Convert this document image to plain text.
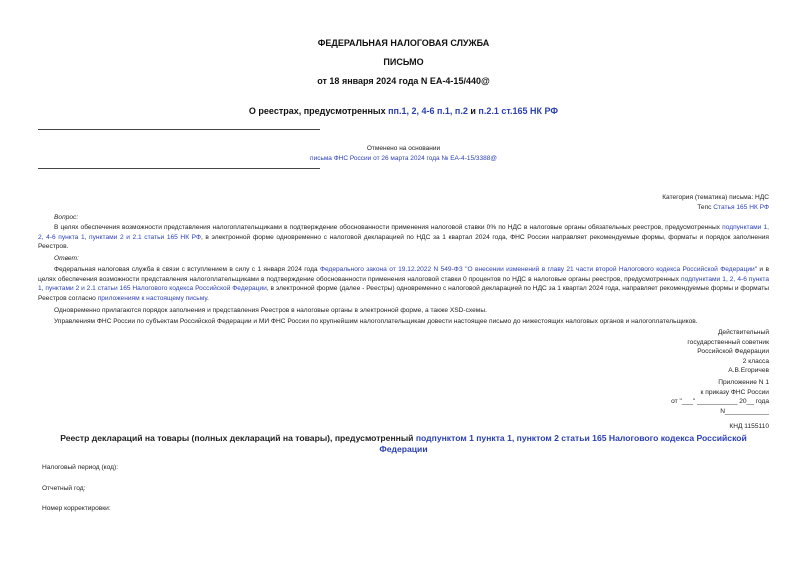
ФЕДЕРАЛЬНАЯ НАЛОГОВАЯ СЛУЖБА
ПИСЬМО
от 18 января 2024 года N ЕА-4-15/440@
О реестрах, предусмотренных пп.1, 2, 4-6 п.1, п.2 и п.2.1 ст.165 НК РФ
Отменено на основании
письма ФНС России от 26 марта 2024 года № ЕА-4-15/3388@
Категория (тематика) письма: НДС
Тепс Статья 165 НК РФ
Вопрос:
В целях обеспечения возможности представления налогоплательщиками в подтверждение обоснованности применения налоговой ставки 0% по НДС в налоговые органы обязательных реестров, предусмотренных подпунктами 1, 2, 4-6 пункта 1, пунктами 2 и 2.1 статьи 165 НК РФ, в электронной форме одновременно с налоговой декларацией по НДС за 1 квартал 2024 года, ФНС России направляет рекомендуемые формы, форматы и порядок заполнения Реестров.
Ответ:
Федеральная налоговая служба в связи с вступлением в силу с 1 января 2024 года Федерального закона от 19.12.2022 N 549-ФЗ "О внесении изменений в главу 21 части второй Налогового кодекса Российской Федерации" и в целях обеспечения возможности представления налогоплательщиками в подтверждение обоснованности применения налоговой ставки 0 процентов по НДС в налоговые органы реестров, предусмотренных подпунктами 1, 2, 4-6 пункта 1, пунктами 2 и 2.1 статьи 165 Налогового кодекса Российской Федерации, в электронной форме (далее - Реестры) одновременно с налоговой декларацией по НДС за 1 квартал 2024 года, направляет рекомендуемые формы и форматы Реестров согласно приложениям к настоящему письму.
Одновременно прилагаются порядок заполнения и представления Реестров в налоговые органы в электронной форме, а также XSD-схемы.
Управлениям ФНС России по субъектам Российской Федерации и МИ ФНС России по крупнейшим налогоплательщикам довести настоящее письмо до нижестоящих налоговых органов и налогоплательщиков.
Действительный
государственный советник
Российской Федерации
2 класса
А.В.Егоричев
Приложение N 1
к приказу ФНС России
от "___" ___________ 20__ года
N____________
КНД 1155110
Реестр деклараций на товары (полных деклараций на товары), предусмотренный подпунктом 1 пункта 1, пунктом 2 статьи 165 Налогового кодекса Российской Федерации
Налоговый период (код):
Отчетный год:
Номер корректировки:
